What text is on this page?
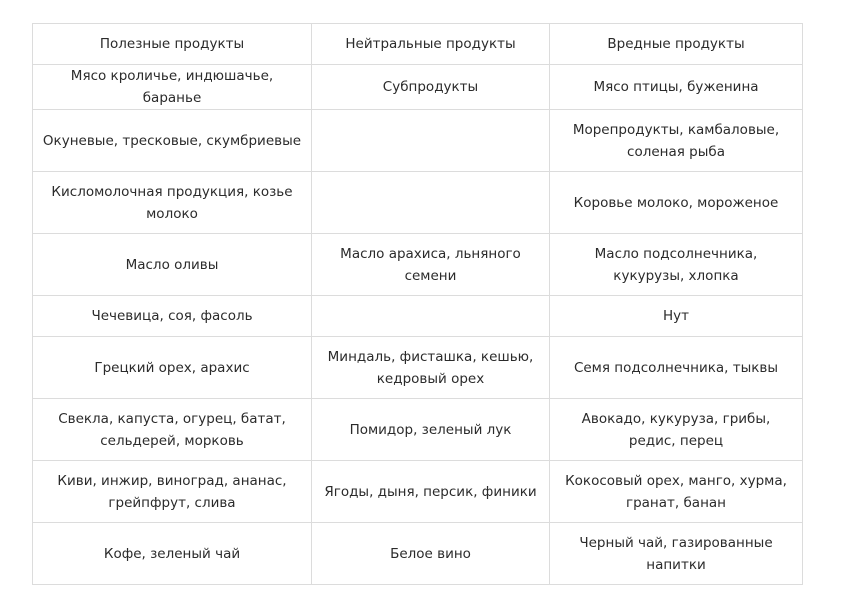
Полезные продукты	Нейтральные продукты	Вредные продукты
Мясо кроличье, индюшачье, баранье	Субпродукты	Мясо птицы, буженина
Окуневые, тресковые, скумбриевые		Морепродукты, камбаловые, соленая рыба
Кисломолочная продукция, козье молоко		Коровье молоко, мороженое
Масло оливы	Масло арахиса, льняного семени	Масло подсолнечника, кукурузы, хлопка
Чечевица, соя, фасоль		Нут
Грецкий орех, арахис	Миндаль, фисташка, кешью, кедровый орех	Семя подсолнечника, тыквы
Свекла, капуста, огурец, батат, сельдерей, морковь	Помидор, зеленый лук	Авокадо, кукуруза, грибы, редис, перец
Киви, инжир, виноград, ананас, грейпфрут, слива	Ягоды, дыня, персик, финики	Кокосовый орех, манго, хурма, гранат, банан
Кофе, зеленый чай	Белое вино	Черный чай, газированные напитки
